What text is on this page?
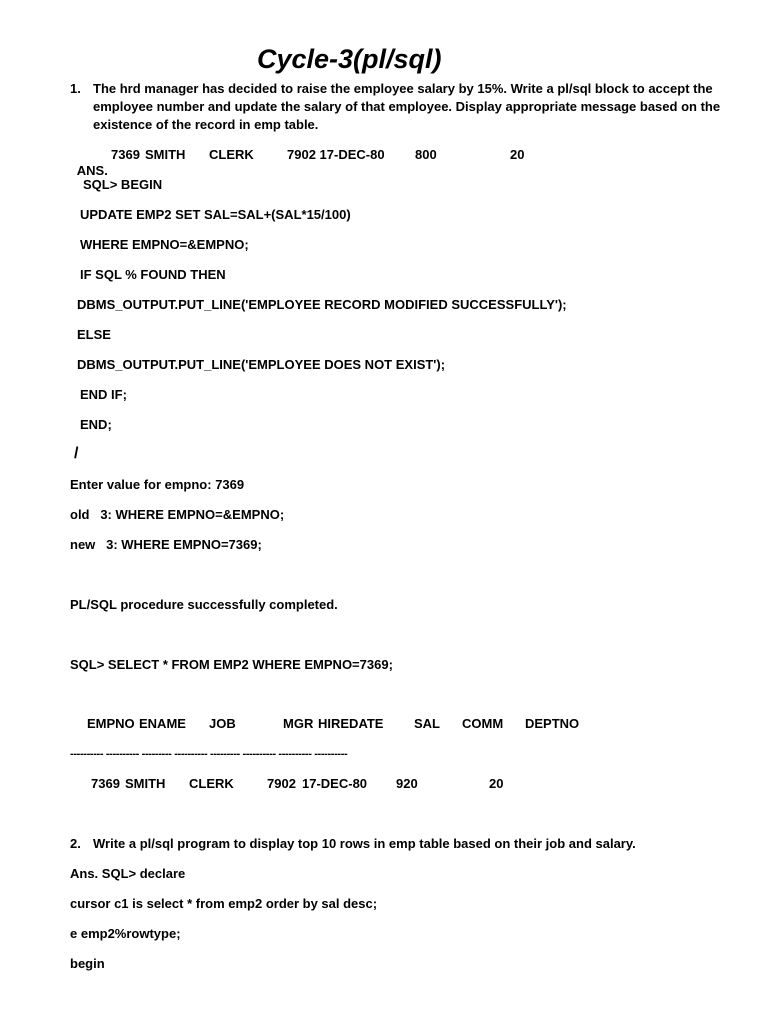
Cycle-3(pl/sql)
1. The hrd manager has decided to raise the employee salary by 15%. Write a pl/sql block to accept the employee number and update the salary of that employee. Display appropriate message based on the existence of the record in emp table.

ANS.

7369 SMITH CLERK	7902 17-DEC-80 800	20
SQL> BEGIN
UPDATE EMP2 SET SAL=SAL+(SAL*15/100)
WHERE EMPNO=&EMPNO;
IF SQL % FOUND THEN
DBMS_OUTPUT.PUT_LINE('EMPLOYEE RECORD MODIFIED SUCCESSFULLY');
ELSE
DBMS_OUTPUT.PUT_LINE('EMPLOYEE DOES NOT EXIST');
END IF;
END;
/
Enter value for empno: 7369
old   3: WHERE EMPNO=&EMPNO;
new   3: WHERE EMPNO=7369;
PL/SQL procedure successfully completed.
SQL> SELECT * FROM EMP2 WHERE EMPNO=7369;
EMPNO ENAME JOB	MGR HIREDATE SAL COMM DEPTNO
---------- ---------- --------- ---------- --------- ---------- ---------- ----------
7369 SMITH CLERK	7902 17-DEC-80 920	20
2. Write a pl/sql program to display top 10 rows in emp table based on their job and salary.
Ans. SQL> declare
cursor c1 is select * from emp2 order by sal desc;
e emp2%rowtype;
begin
